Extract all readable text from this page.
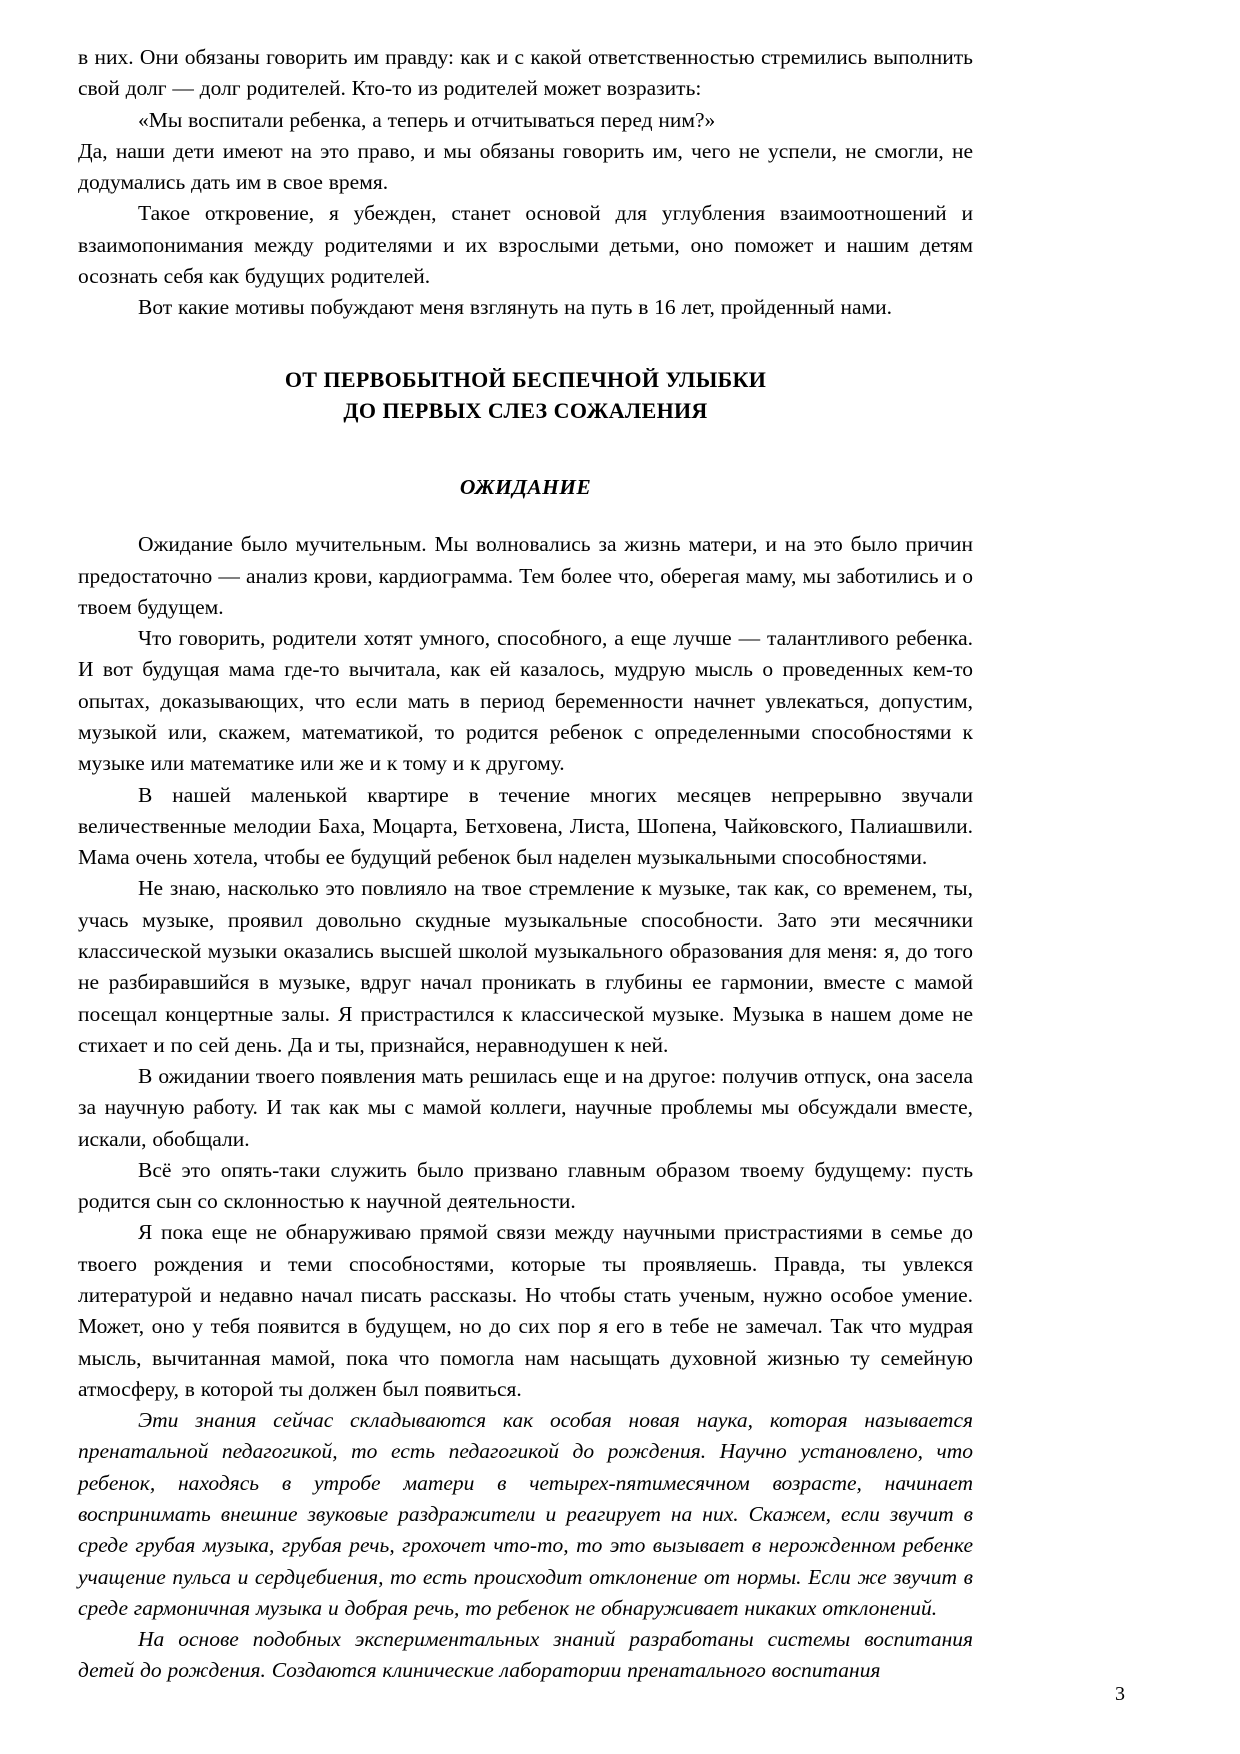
в них. Они обязаны говорить им правду: как и с какой ответственностью стремились выполнить свой долг — долг родителей. Кто-то из родителей может возразить:

«Мы воспитали ребенка, а теперь и отчитываться перед ним?»

Да, наши дети имеют на это право, и мы обязаны говорить им, чего не успели, не смогли, не додумались дать им в свое время.

Такое откровение, я убежден, станет основой для углубления взаимоотношений и взаимопонимания между родителями и их взрослыми детьми, оно поможет и нашим детям осознать себя как будущих родителей.

Вот какие мотивы побуждают меня взглянуть на путь в 16 лет, пройденный нами.

ОТ ПЕРВОБЫТНОЙ БЕСПЕЧНОЙ УЛЫБКИ

ДО ПЕРВЫХ СЛЕЗ СОЖАЛЕНИЯ

ОЖИДАНИЕ

Ожидание было мучительным. Мы волновались за жизнь матери, и на это было причин предостаточно — анализ крови, кардиограмма. Тем более что, оберегая маму, мы заботились и о твоем будущем.

Что говорить, родители хотят умного, способного, а еще лучше — талантливого ребенка. И вот будущая мама где-то вычитала, как ей казалось, мудрую мысль о проведенных кем-то опытах, доказывающих, что если мать в период беременности начнет увлекаться, допустим, музыкой или, скажем, математикой, то родится ребенок с определенными способностями к музыке или математике или же и к тому и к другому.

В нашей маленькой квартире в течение многих месяцев непрерывно звучали величественные мелодии Баха, Моцарта, Бетховена, Листа, Шопена, Чайковского, Палиашвили. Мама очень хотела, чтобы ее будущий ребенок был наделен музыкальными способностями.

Не знаю, насколько это повлияло на твое стремление к музыке, так как, со временем, ты, учась музыке, проявил довольно скудные музыкальные способности. Зато эти месячники классической музыки оказались высшей школой музыкального образования для меня: я, до того не разбиравшийся в музыке, вдруг начал проникать в глубины ее гармонии, вместе с мамой посещал концертные залы. Я пристрастился к классической музыке. Музыка в нашем доме не стихает и по сей день. Да и ты, признайся, неравнодушен к ней.

В ожидании твоего появления мать решилась еще и на другое: получив отпуск, она засела за научную работу. И так как мы с мамой коллеги, научные проблемы мы обсуждали вместе, искали, обобщали.

Всё это опять-таки служить было призвано главным образом твоему будущему: пусть родится сын со склонностью к научной деятельности.

Я пока еще не обнаруживаю прямой связи между научными пристрастиями в семье до твоего рождения и теми способностями, которые ты проявляешь. Правда, ты увлекся литературой и недавно начал писать рассказы. Но чтобы стать ученым, нужно особое умение. Может, оно у тебя появится в будущем, но до сих пор я его в тебе не замечал. Так что мудрая мысль, вычитанная мамой, пока что помогла нам насыщать духовной жизнью ту семейную атмосферу, в которой ты должен был появиться.

Эти знания сейчас складываются как особая новая наука, которая называется пренатальной педагогикой, то есть педагогикой до рождения. Научно установлено, что ребенок, находясь в утробе матери в четырех-пятимесячном возрасте, начинает воспринимать внешние звуковые раздражители и реагирует на них. Скажем, если звучит в среде грубая музыка, грубая речь, грохочет что-то, то это вызывает в нерожденном ребенке учащение пульса и сердцебиения, то есть происходит отклонение от нормы. Если же звучит в среде гармоничная музыка и добрая речь, то ребенок не обнаруживает никаких отклонений.

На основе подобных экспериментальных знаний разработаны системы воспитания детей до рождения. Создаются клинические лаборатории пренатального воспитания

3
